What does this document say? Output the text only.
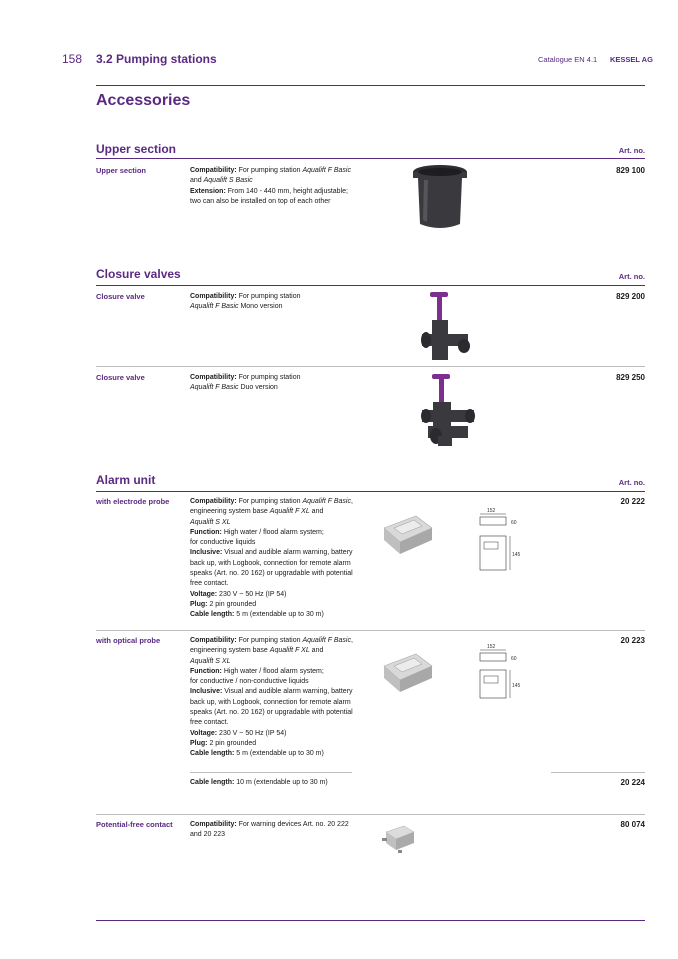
158 3.2 Pumping stations	Catalogue EN 4.1 KESSEL AG
Accessories
Upper section	Art. no.
Upper section	Compatibility: For pumping station Aqualift F Basic
and Aqualift S Basic
Extension: From 140 - 440 mm, height adjustable;
two can also be installed on top of each other
829 100
Closure valves	Art. no.
Closure valve	Compatibility: For pumping station
Aqualift F Basic Mono version
829 200
Closure valve	Compatibility: For pumping station
Aqualift F Basic Duo version
829 250
Alarm unit	Art. no.
with electrode probe	Compatibility: For pumping station Aqualift F Basic,
engineering system base Aqualift F XL and
Aqualift S XL
Function: High water / flood alarm system;
for conductive liquids
Inclusive: Visual and audible alarm warning, battery
back up, with Logbook, connection for remote alarm
speaks (Art. no. 20 162) or upgradable with potential
free contact.
Voltage: 230 V ~ 50 Hz (IP 54)
Plug: 2 pin grounded
Cable length: 5 m (extendable up to 30 m)
20 222
152
60
145
with optical probe	Compatibility: For pumping station Aqualift F Basic,
engineering system base Aqualift F XL and
Aqualift S XL
Function: High water / flood alarm system;
for conductive / non-conductive liquids
Inclusive: Visual and audible alarm warning, battery
back up, with Logbook, connection for remote alarm
speaks (Art. no. 20 162) or upgradable with potential
free contact.
Voltage: 230 V ~ 50 Hz (IP 54)
Plug: 2 pin grounded
Cable length: 5 m (extendable up to 30 m)
20 223
152
60
145
Cable length: 10 m (extendable up to 30 m)	20 224
Potential-free contact Compatibility: For warning devices Art. no. 20 222
and 20 223
80 074
